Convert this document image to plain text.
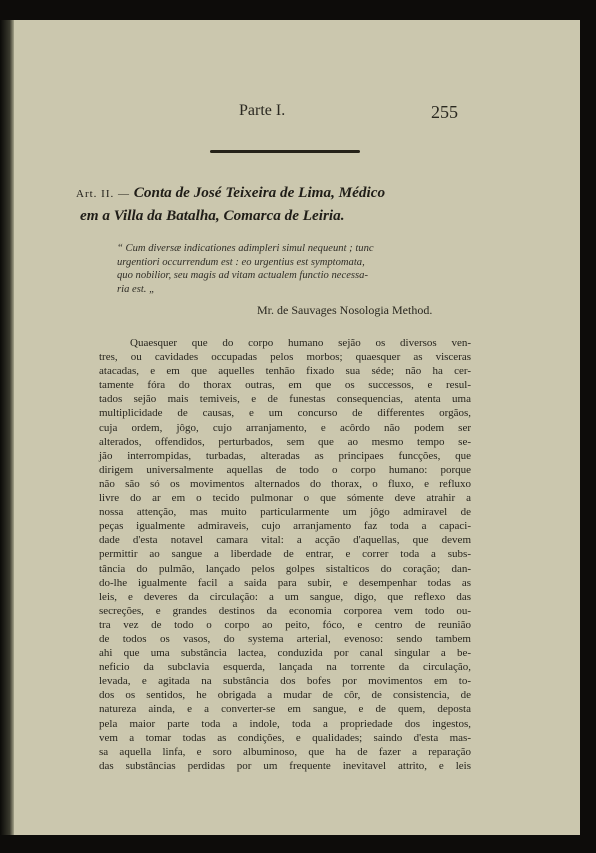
Parte I.	255
Art. II. — Conta de José Teixeira de Lima, Médico
em a Villa da Batalha, Comarca de Leiria.
“ Cum diversæ indicationes adimpleri simul nequeunt ; tunc
urgentiori occurrendum est : eo urgentius est symptomata,
quo nobilior, seu magis ad vitam actualem functio necessa-
ria est. „
Mr. de Sauvages Nosologia Method.
Quaesquer que do corpo humano sejão os diversos ven-
tres, ou cavidades occupadas pelos morbos; quaesquer as visceras
atacadas, e em que aquelles tenhão fixado sua séde; não ha cer-
tamente fóra do thorax outras, em que os successos, e resul-
tados sejão mais temiveis, e de funestas consequencias, atenta uma
multiplicidade de causas, e um concurso de differentes orgãos,
cuja ordem, jôgo, cujo arranjamento, e acôrdo não podem ser
alterados, offendidos, perturbados, sem que ao mesmo tempo se-
jão interrompidas, turbadas, alteradas as principaes funcções, que
dirigem universalmente aquellas de todo o corpo humano: porque
não são só os movimentos alternados do thorax, o fluxo, e refluxo
livre do ar em o tecido pulmonar o que sómente deve atrahir a
nossa attenção, mas muito particularmente um jôgo admiravel de
peças igualmente admiraveis, cujo arranjamento faz toda a capaci-
dade d'esta notavel camara vital: a acção d'aquellas, que devem
permittir ao sangue a liberdade de entrar, e correr toda a subs-
tância do pulmão, lançado pelos golpes sistalticos do coração; dan-
do-lhe igualmente facil a saida para subir, e desempenhar todas as
leis, e deveres da circulação: a um sangue, digo, que reflexo das
secreções, e grandes destinos da economia corporea vem todo ou-
tra vez de todo o corpo ao peito, fóco, e centro de reunião
de todos os vasos, do systema arterial, evenoso: sendo tambem
ahi que uma substância lactea, conduzida por canal singular a be-
neficio da subclavia esquerda, lançada na torrente da circulação,
levada, e agitada na substância dos bofes por movimentos em to-
dos os sentidos, he obrigada a mudar de côr, de consistencia, de
natureza ainda, e a converter-se em sangue, e de quem, deposta
pela maior parte toda a indole, toda a propriedade dos ingestos,
vem a tomar todas as condições, e qualidades; saindo d'esta mas-
sa aquella linfa, e soro albuminoso, que ha de fazer a reparação
das substâncias perdidas por um frequente inevitavel attrito, e leis
